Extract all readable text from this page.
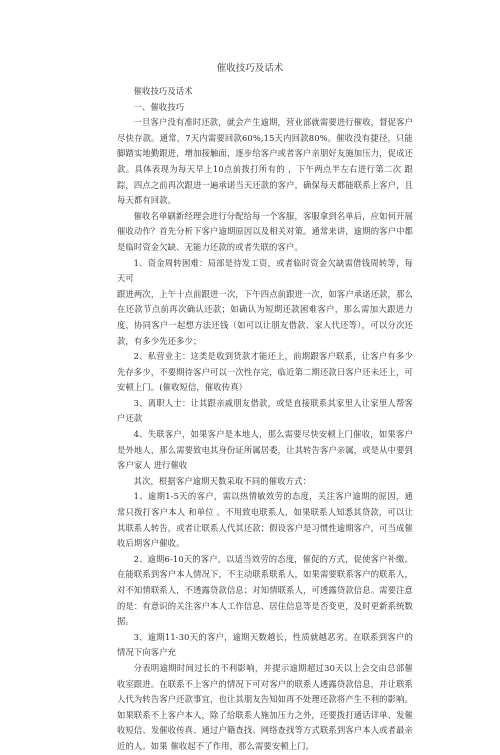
催收技巧及话术

催收技巧及话术

一、催收技巧

一旦客户没有准时还款，就会产生逾期，营业部就需要进行催收，督促客户尽快存款。通常，7天内需要回款60%,15天内回款80%。催收没有捷径，只能脚踏实地勤跟进，增加接触面，逐步给客户或者客户亲朋好友施加压力，促成还款。具体表现为每天早上10点前拨打所有的 ，下午两点半左右进行第二次 跟踪，四点之前再次跟进一遍承诺当天还款的客户，确保每天都能联系上客户，且每天都有回款。

催收名单刷新经理会进行分配给每一个客服，客服拿到名单后，应如何开展催收动作？首先分析下客户逾期原因以及相关对策。通常来讲，逾期的客户中都是临时资金欠缺、无能力还款的或者失联的客户。

1、资金周转困难：局部是待发工资，或者临时资金欠缺需借钱周转等，每天可

跟进两次，上午十点前跟进一次，下午四点前跟进一次，如客户承诺还款，那么在还款节点前再次确认还款；如确认为短期还款困难客户，那么需加大跟进力度，协同客户一起想方法还钱（如可以让朋友借款、家人代还等），可以分次还款，有多少先还多少；

2、私营业主：这类是收到货款才能还上，前期跟客户联系，让客户有多少先存多少，不要期待客户可以一次性存完，临近第二期还款日客户还未还上，可安顿上门。(催收短信，催收传真）

3、离职人士：让其跟亲戚朋友借款，或是直接联系其家里人让家里人帮客户还款

4、失联客户，如果客户是本地人，那么需要尽快安顿上门催收，如果客户是外地人，那么需要致电其身份证所属居委，让其转告客户亲属，或是从中要到客户家人 进行催收

其次，根据客户逾期天数采取不同的催收方式：

1、逾期1-5天的客户，需以热情敏效劳的态度，关注客户逾期的原因，通常只拨打客户本人 和单位 。不用致电联系人，如果联系人知悉其贷款，可以让其联系人转告，或者让联系人代其还款；假设客户是习惯性逾期客户，可当成催收后期客户催收。

2、逾期6-10天的客户，以适当效劳的态度，催促的方式，促使客户补缴。在能联系到客户本人情况下，不主动联系联系人，如果需要联系客户的联系人，对不知情联系人，不透露贷款信息；对知情联系人，可透露贷款信息。需要注意的是：有意识的关注客户本人工作信息、居住信息等是否变更，及时更新系统数据。

3、逾期11-30天的客户，逾期天数越长，性质就越恶劣。在联系到客户的情况下向客户充

分表明逾期时间过长的不利影响，并提示逾期超过30天以上会交由总部催收室跟进。在联系不上客户的情况下可对客户的联系人透露贷款信息，并让联系人代为转告客户还款事宜，也让其朋友告知如再不处理还款将产生不利的影响。如果联系不上客户本人，除了给联系人施加压力之外，还要拨打通话详单、发催收短信、发催收传真、通过户籍查找、网络查找等方式联系到客户本人或者最亲近的人。如果 催收起不了作用，那么需要安顿上门。
